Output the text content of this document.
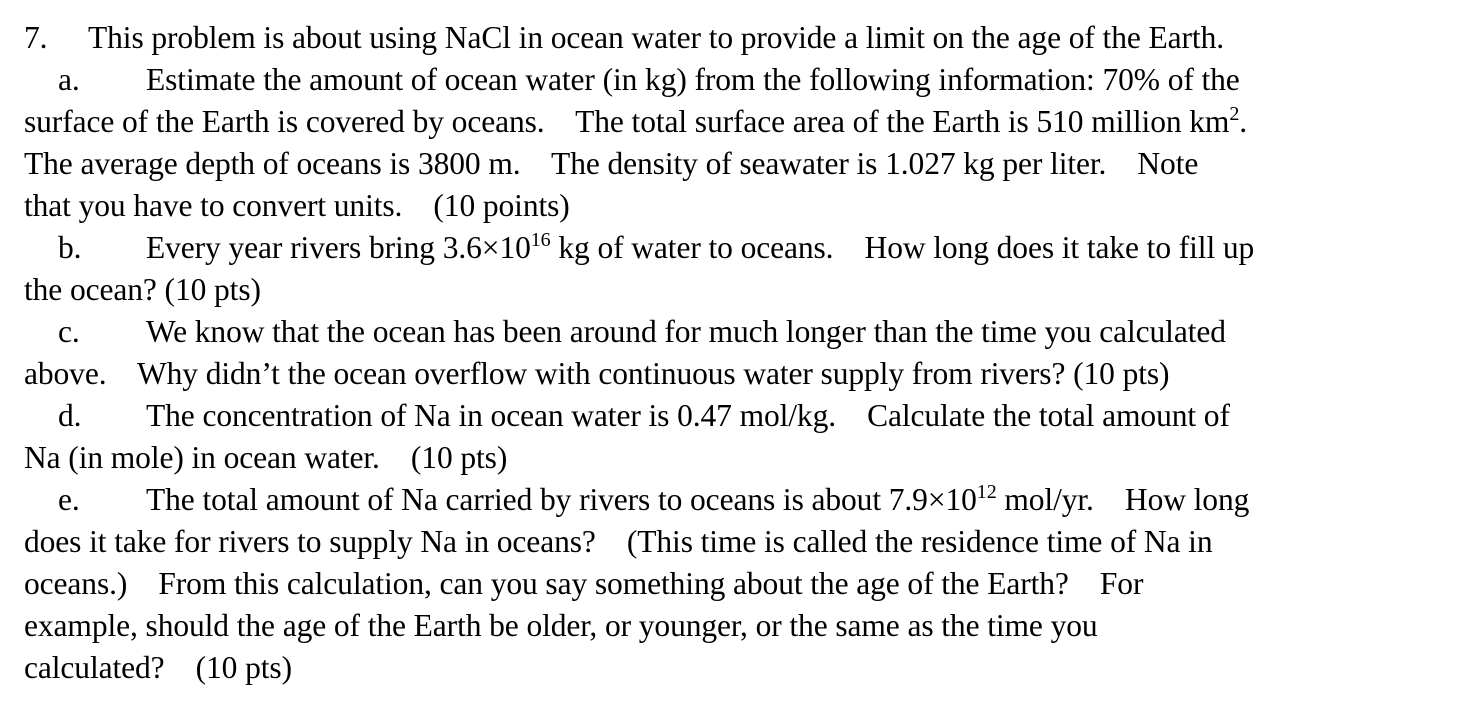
7. This problem is about using NaCl in ocean water to provide a limit on the age of the Earth.
a. Estimate the amount of ocean water (in kg) from the following information: 70% of the
surface of the Earth is covered by oceans.    The total surface area of the Earth is 510 million $km^2$.
The average depth of oceans is 3800 m.    The density of seawater is 1.027 kg per liter.    Note
that you have to convert units.    (10 points)
b. Every year rivers bring $3.6\times 10^{16}$ kg of water to oceans.    How long does it take to fill up
the ocean? (10 pts)
c. We know that the ocean has been around for much longer than the time you calculated
above.    Why didn’t the ocean overflow with continuous water supply from rivers? (10 pts)
d. The concentration of Na in ocean water is 0.47 mol/kg.    Calculate the total amount of
Na (in mole) in ocean water.    (10 pts)
e. The total amount of Na carried by rivers to oceans is about $7.9\times 10^{12}$ mol/yr.    How long
does it take for rivers to supply Na in oceans?    (This time is called the residence time of Na in
oceans.)    From this calculation, can you say something about the age of the Earth?    For
example, should the age of the Earth be older, or younger, or the same as the time you
calculated?    (10 pts)
